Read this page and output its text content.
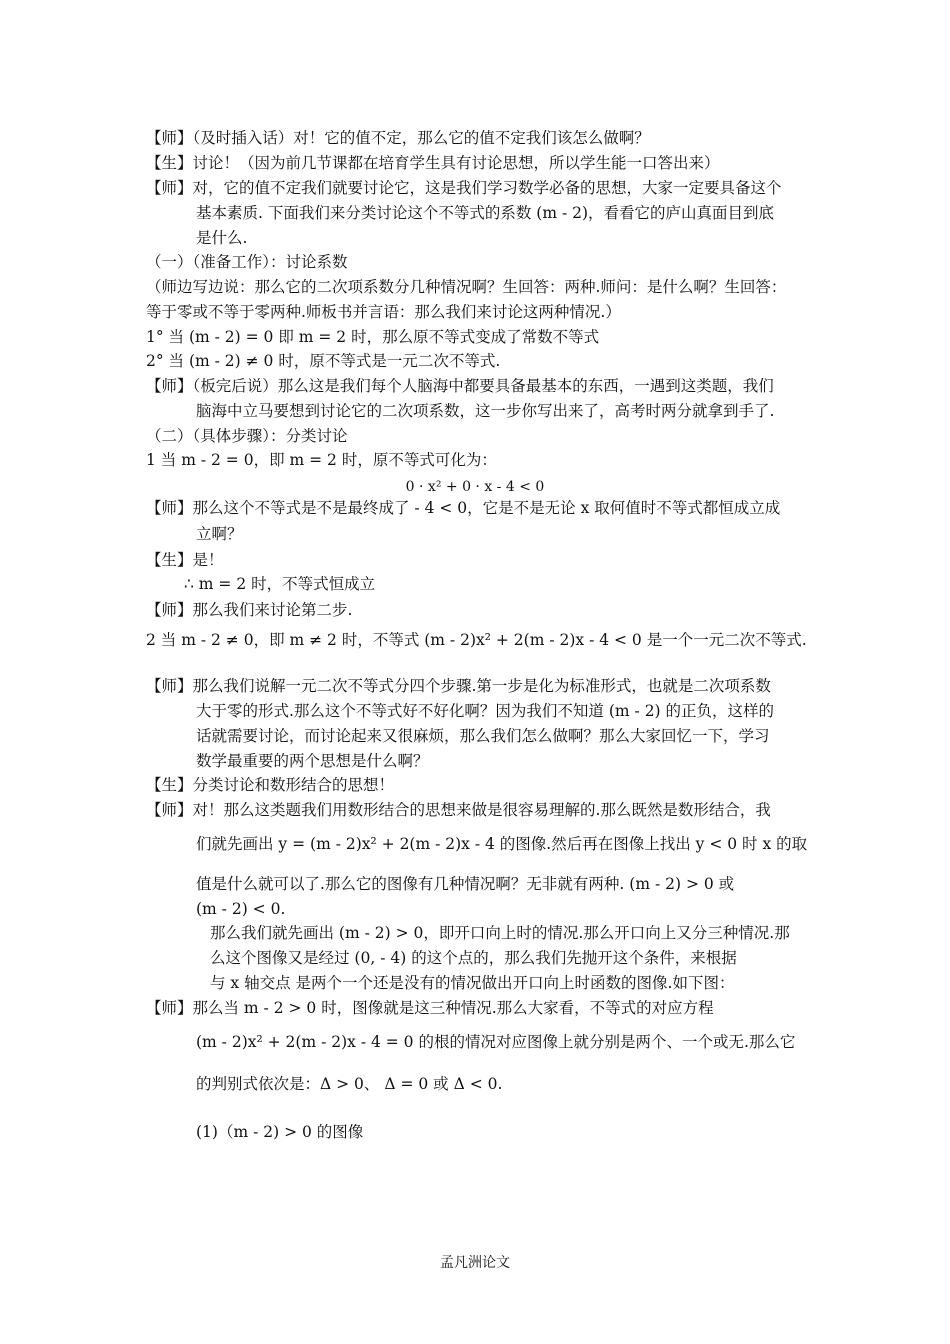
【师】（及时插入话）对！它的值不定，那么它的值不定我们该怎么做啊？
【生】讨论！（因为前几节课都在培育学生具有讨论思想，所以学生能一口答出来）
【师】对，它的值不定我们就要讨论它，这是我们学习数学必备的思想，大家一定要具备这个
基本素质. 下面我们来分类讨论这个不等式的系数 (m - 2)，看看它的庐山真面目到底
是什么.
（一）（准备工作）：讨论系数
（师边写边说：那么它的二次项系数分几种情况啊？生回答：两种.师问：是什么啊？生回答：
等于零或不等于零两种.师板书并言语：那么我们来讨论这两种情况.）
1° 当 (m - 2) = 0 即 m = 2 时，那么原不等式变成了常数不等式
2° 当 (m - 2) ≠ 0 时，原不等式是一元二次不等式.
【师】（板完后说）那么这是我们每个人脑海中都要具备最基本的东西，一遇到这类题，我们
脑海中立马要想到讨论它的二次项系数，这一步你写出来了，高考时两分就拿到手了.
（二）（具体步骤）：分类讨论
1 当 m - 2 = 0，即 m = 2 时，原不等式可化为：
0 · x² + 0 · x - 4 < 0
【师】那么这个不等式是不是最终成了 - 4 < 0，它是不是无论 x 取何值时不等式都恒成立成
立啊？
【生】是！
∴ m = 2 时，不等式恒成立
【师】那么我们来讨论第二步.
2 当 m - 2 ≠ 0，即 m ≠ 2 时，不等式 (m - 2)x² + 2(m - 2)x - 4 < 0 是一个一元二次不等式.
【师】那么我们说解一元二次不等式分四个步骤.第一步是化为标准形式，也就是二次项系数
大于零的形式.那么这个不等式好不好化啊？因为我们不知道 (m - 2) 的正负，这样的
话就需要讨论，而讨论起来又很麻烦，那么我们怎么做啊？那么大家回忆一下，学习
数学最重要的两个思想是什么啊？
【生】分类讨论和数形结合的思想！
【师】对！那么这类题我们用数形结合的思想来做是很容易理解的.那么既然是数形结合，我
们就先画出 y = (m - 2)x² + 2(m - 2)x - 4 的图像.然后再在图像上找出 y < 0 时 x 的取
值是什么就可以了.那么它的图像有几种情况啊？无非就有两种. (m - 2) > 0 或
(m - 2) < 0.
那么我们就先画出 (m - 2) > 0，即开口向上时的情况.那么开口向上又分三种情况.那
么这个图像又是经过 (0, - 4) 的这个点的，那么我们先抛开这个条件，来根据
与 x 轴交点 是两个一个还是没有的情况做出开口向上时函数的图像.如下图：
【师】那么当 m - 2 > 0 时，图像就是这三种情况.那么大家看，不等式的对应方程
(m - 2)x² + 2(m - 2)x - 4 = 0 的根的情况对应图像上就分别是两个、一个或无.那么它
的判别式依次是：Δ > 0、 Δ = 0 或 Δ < 0.
(1)（m - 2) > 0 的图像
孟凡洲论文
